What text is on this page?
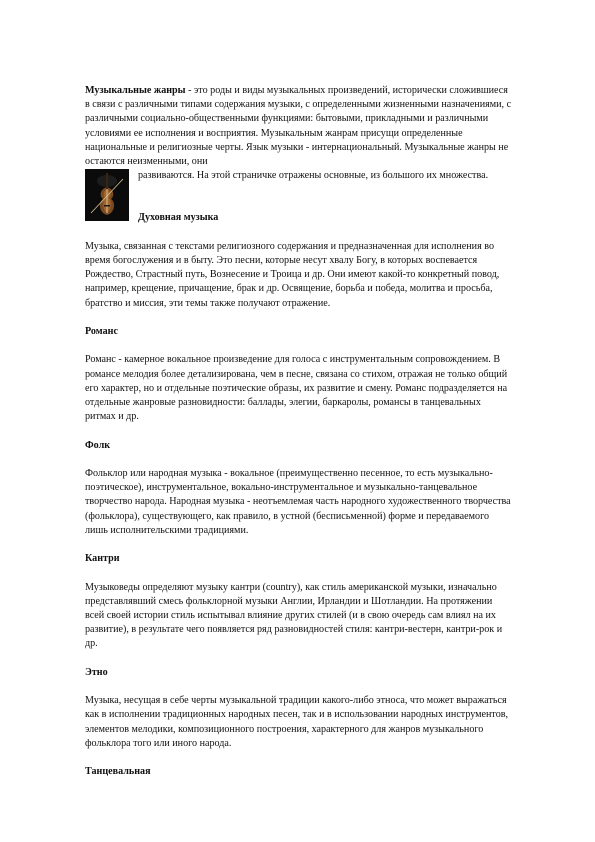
Музыкальные жанры - это роды и виды музыкальных произведений, исторически сложившиеся в связи с различными типами содержания музыки, с определенными жизненными назначениями, с различными социально-общественными функциями: бытовыми, прикладными и различными условиями ее исполнения и восприятия. Музыкальным жанрам присущи определенные национальные и религиозные черты. Язык музыки - интернациональный. Музыкальные жанры не остаются неизменными, они

развиваются. На этой страничке отражены основные, из большого их множества.

Духовная музыка

Музыка, связанная с текстами религиозного содержания и предназначенная для исполнения во время богослужения и в быту. Это песни, которые несут хвалу Богу, в которых воспевается Рождество, Страстный путь, Вознесение и Троица и др. Они имеют какой-то конкретный повод, например, крещение, причащение, брак и др. Освящение, борьба и победа, молитва и просьба, братство и миссия, эти темы также получают отражение.

Романс

Романс - камерное вокальное произведение для голоса с инструментальным сопровождением. В романсе мелодия более детализирована, чем в песне, связана со стихом, отражая не только общий его характер, но и отдельные поэтические образы, их развитие и смену. Романс подразделяется на отдельные жанровые разновидности: баллады, элегии, баркаролы, романсы в танцевальных ритмах и др.

Фолк

Фольклор или народная музыка - вокальное (преимущественно песенное, то есть музыкально-поэтическое), инструментальное, вокально-инструментальное и музыкально-танцевальное творчество народа. Народная музыка - неотъемлемая часть народного художественного творчества (фольклора), существующего, как правило, в устной (бесписьменной) форме и передаваемого лишь исполнительскими традициями.

Кантри

Музыковеды определяют музыку кантри (country), как стиль американской музыки, изначально представлявший смесь фольклорной музыки Англии, Ирландии и Шотландии. На протяжении всей своей истории стиль испытывал влияние других стилей (и в свою очередь сам влиял на их развитие), в результате чего появляется ряд разновидностей стиля: кантри-вестерн, кантри-рок и др.

Этно

Музыка, несущая в себе черты музыкальной традиции какого-либо этноса, что может выражаться как в исполнении традиционных народных песен, так и в использовании народных инструментов, элементов мелодики, композиционного построения, характерного для жанров музыкального фольклора того или иного народа.

Танцевальная
